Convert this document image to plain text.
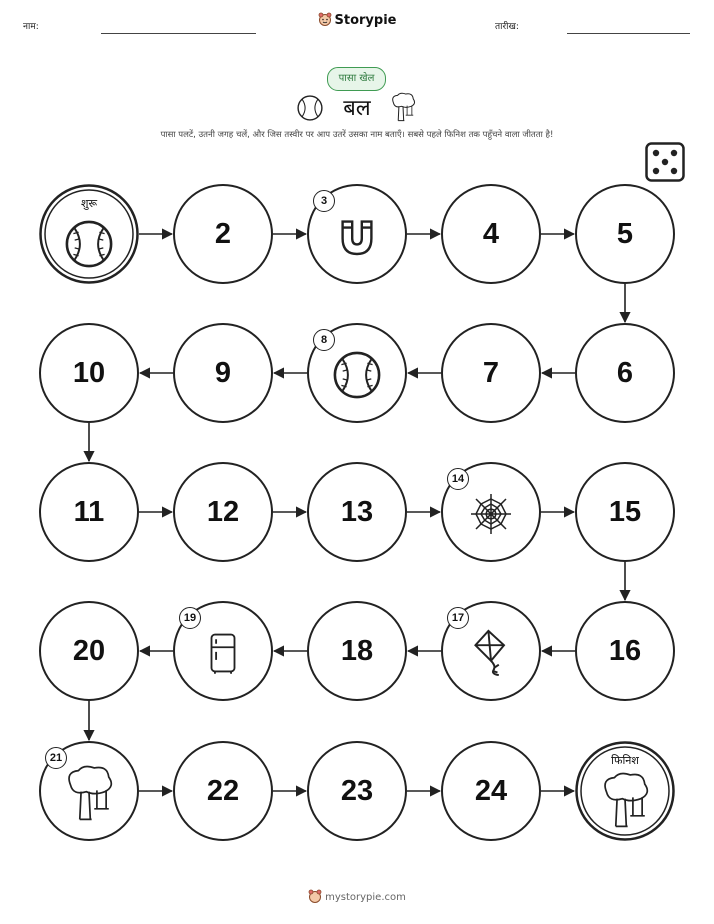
नाम:	Storypie	तारीख:
पासा खेल
बल
पासा पलटें, उतनी जगह चलें, और जिस तस्वीर पर आप उतरें उसका नाम बताएँ। सबसे पहले फिनिश तक पहुँचने वाला जीतता है!
शुरू
2
3
4	5
6
7
8
9
10
11	12	13
14
15
16
17
18
19
20
21
22	23	24
फिनिश
mystorypie.com
